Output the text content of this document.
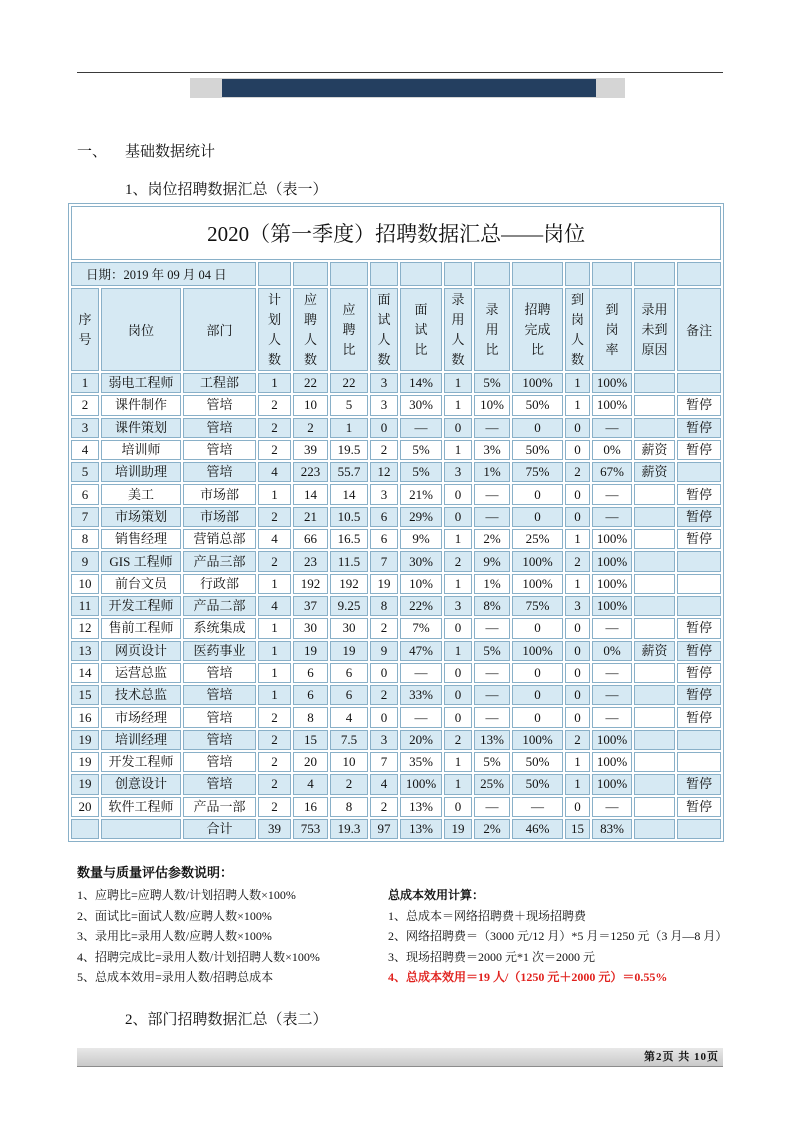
一、 基础数据统计
1、岗位招聘数据汇总（表一）
2020（第一季度）招聘数据汇总——岗位														
日期：2019 年 09 月 04 日														
序号	岗位	部门	计划人数	应聘人数	应聘比	面试人数	面试比	录用人数	录用比	招聘完成比	到岗人数	到岗率	录用未到原因	备注
1	弱电工程师	工程部	1	22	22	3	14%	1	5%	100%	1	100%		
2	课件制作	管培	2	10	5	3	30%	1	10%	50%	1	100%		暂停
3	课件策划	管培	2	2	1	0	—	0	—	0	0	—		暂停
4	培训师	管培	2	39	19.5	2	5%	1	3%	50%	0	0%	薪资	暂停
5	培训助理	管培	4	223	55.7	12	5%	3	1%	75%	2	67%	薪资	
6	美工	市场部	1	14	14	3	21%	0	—	0	0	—		暂停
7	市场策划	市场部	2	21	10.5	6	29%	0	—	0	0	—		暂停
8	销售经理	营销总部	4	66	16.5	6	9%	1	2%	25%	1	100%		暂停
9	GIS 工程师	产品三部	2	23	11.5	7	30%	2	9%	100%	2	100%		
10	前台文员	行政部	1	192	192	19	10%	1	1%	100%	1	100%		
11	开发工程师	产品二部	4	37	9.25	8	22%	3	8%	75%	3	100%		
12	售前工程师	系统集成	1	30	30	2	7%	0	—	0	0	—		暂停
13	网页设计	医药事业	1	19	19	9	47%	1	5%	100%	0	0%	薪资	暂停
14	运营总监	管培	1	6	6	0	—	0	—	0	0	—		暂停
15	技术总监	管培	1	6	6	2	33%	0	—	0	0	—		暂停
16	市场经理	管培	2	8	4	0	—	0	—	0	0	—		暂停
19	培训经理	管培	2	15	7.5	3	20%	2	13%	100%	2	100%		
19	开发工程师	管培	2	20	10	7	35%	1	5%	50%	1	100%		
19	创意设计	管培	2	4	2	4	100%	1	25%	50%	1	100%		暂停
20	软件工程师	产品一部	2	16	8	2	13%	0	—	—	0	—		暂停
		合计	39	753	19.3	97	13%	19	2%	46%	15	83%		
数量与质量评估参数说明：
1、应聘比=应聘人数/计划招聘人数×100%
2、面试比=面试人数/应聘人数×100%
3、录用比=录用人数/应聘人数×100%
4、招聘完成比=录用人数/计划招聘人数×100%
5、总成本效用=录用人数/招聘总成本
总成本效用计算：
1、总成本＝网络招聘费＋现场招聘费
2、网络招聘费＝（3000 元/12 月）*5 月＝1250 元（3 月—8 月）
3、现场招聘费＝2000 元*1 次＝2000 元
4、总成本效用＝19 人/（1250 元＋2000 元）＝0.55%
2、部门招聘数据汇总（表二）
第2页 共 10页
